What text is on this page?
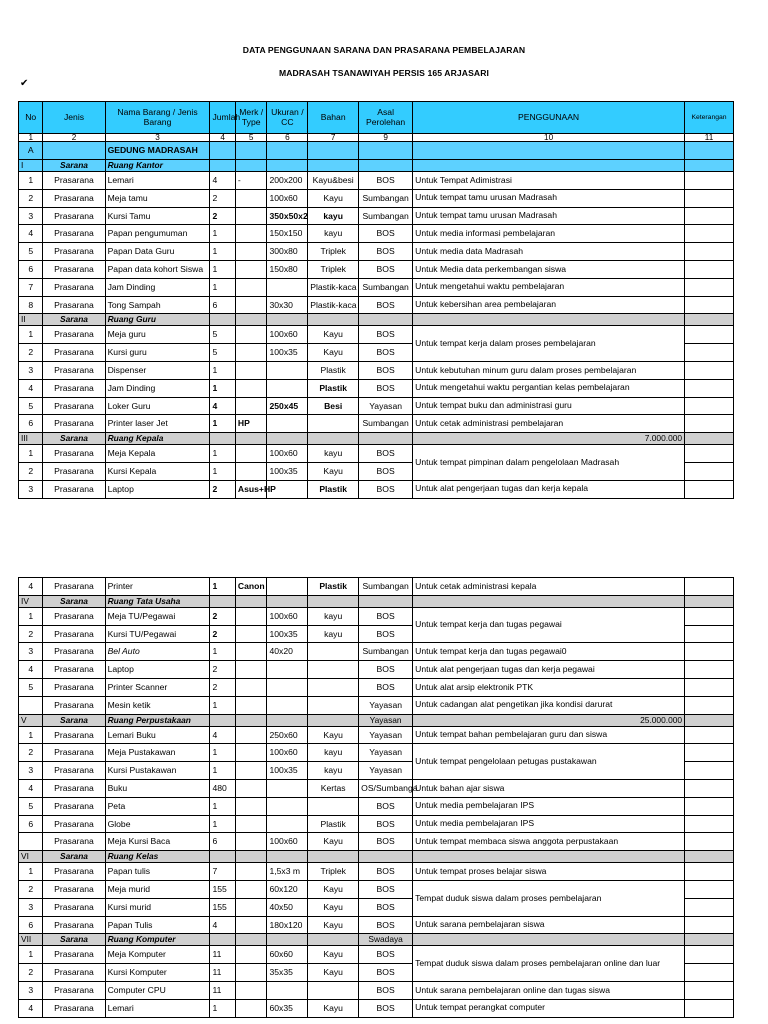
DATA PENGGUNAAN SARANA DAN PRASARANA PEMBELAJARAN
MADRASAH TSANAWIYAH PERSIS 165 ARJASARI
✔
No	Jenis	Nama Barang / Jenis Barang	Jumlah	Merk / Type	Ukuran / CC	Bahan	Asal Perolehan	PENGGUNAAN	Keterangan
1	2	3	4	5	6	7	9	10	11
A		GEDUNG MADRASAH							
I	Sarana	Ruang Kantor							
1	Prasarana	Lemari	4	-	200x200	Kayu&besi	BOS	Untuk Tempat Adimistrasi	
2	Prasarana	Meja tamu	2		100x60	Kayu	Sumbangan	Untuk tempat tamu urusan Madrasah	
3	Prasarana	Kursi Tamu	2		350x50x2	kayu	Sumbangan	Untuk tempat tamu urusan Madrasah	
4	Prasarana	Papan pengumuman	1		150x150	kayu	BOS	Untuk media informasi pembelajaran	
5	Prasarana	Papan Data Guru	1		300x80	Triplek	BOS	Untuk media data Madrasah	
6	Prasarana	Papan data kohort Siswa	1		150x80	Triplek	BOS	Untuk Media data perkembangan siswa	
7	Prasarana	Jam Dinding	1			Plastik-kaca	Sumbangan	Untuk mengetahui waktu pembelajaran	
8	Prasarana	Tong Sampah	6		30x30	Plastik-kaca	BOS	Untuk kebersihan area pembelajaran	
II	Sarana	Ruang Guru							
1	Prasarana	Meja guru	5		100x60	Kayu	BOS	Untuk tempat kerja dalam proses pembelajaran	
2	Prasarana	Kursi guru	5		100x35	Kayu	BOS		
3	Prasarana	Dispenser	1			Plastik	BOS	Untuk kebutuhan minum guru dalam proses pembelajaran	
4	Prasarana	Jam Dinding	1			Plastik	BOS	Untuk mengetahui waktu pergantian kelas pembelajaran	
5	Prasarana	Loker Guru	4		250x45	Besi	Yayasan	Untuk tempat buku dan administrasi guru	
6	Prasarana	Printer laser Jet	1	HP			Sumbangan	Untuk cetak administrasi pembelajaran	
III	Sarana	Ruang Kepala						7.000.000	
1	Prasarana	Meja Kepala	1		100x60	kayu	BOS	Untuk tempat pimpinan dalam pengelolaan Madrasah	
2	Prasarana	Kursi Kepala	1		100x35	Kayu	BOS		
3	Prasarana	Laptop	2	Asus+HP		Plastik	BOS	Untuk alat pengerjaan tugas dan kerja kepala	
4	Prasarana	Printer	1	Canon		Plastik	Sumbangan	Untuk cetak administrasi kepala	
IV	Sarana	Ruang Tata Usaha							
1	Prasarana	Meja TU/Pegawai	2		100x60	kayu	BOS	Untuk tempat kerja dan tugas pegawai	
2	Prasarana	Kursi TU/Pegawai	2		100x35	kayu	BOS		
3	Prasarana	Bel Auto	1		40x20		Sumbangan	Untuk tempat kerja dan tugas pegawai0	
4	Prasarana	Laptop	2				BOS	Untuk alat pengerjaan tugas dan kerja pegawai	
5	Prasarana	Printer Scanner	2				BOS	Untuk alat arsip elektronik PTK	
	Prasarana	Mesin ketik	1				Yayasan	Untuk cadangan alat pengetikan jika kondisi darurat	
V	Sarana	Ruang Perpustakaan					Yayasan	25.000.000	
1	Prasarana	Lemari Buku	4		250x60	Kayu	Yayasan	Untuk tempat bahan pembelajaran guru dan siswa	
2	Prasarana	Meja Pustakawan	1		100x60	kayu	Yayasan	Untuk tempat pengelolaan petugas pustakawan	
3	Prasarana	Kursi Pustakawan	1		100x35	kayu	Yayasan		
4	Prasarana	Buku	480			Kertas	OS/Sumbanga	Untuk bahan ajar siswa	
5	Prasarana	Peta	1				BOS	Untuk media pembelajaran IPS	
6	Prasarana	Globe	1			Plastik	BOS	Untuk media pembelajaran IPS	
	Prasarana	Meja Kursi Baca	6		100x60	Kayu	BOS	Untuk tempat membaca siswa anggota perpustakaan	
VI	Sarana	Ruang Kelas							
1	Prasarana	Papan tulis	7		1,5x3 m	Triplek	BOS	Untuk tempat proses belajar siswa	
2	Prasarana	Meja murid	155		60x120	Kayu	BOS	Tempat duduk siswa dalam proses pembelajaran	
3	Prasarana	Kursi murid	155		40x50	Kayu	BOS		
6	Prasarana	Papan Tulis	4		180x120	Kayu	BOS	Untuk sarana pembelajaran siswa	
VII	Sarana	Ruang Komputer					Swadaya		
1	Prasarana	Meja Komputer	11		60x60	Kayu	BOS	Tempat duduk siswa dalam proses pembelajaran online dan luar	
2	Prasarana	Kursi Komputer	11		35x35	Kayu	BOS		
3	Prasarana	Computer CPU	11				BOS	Untuk sarana pembelajaran online dan tugas siswa	
4	Prasarana	Lemari	1		60x35	Kayu	BOS	Untuk tempat perangkat computer	
